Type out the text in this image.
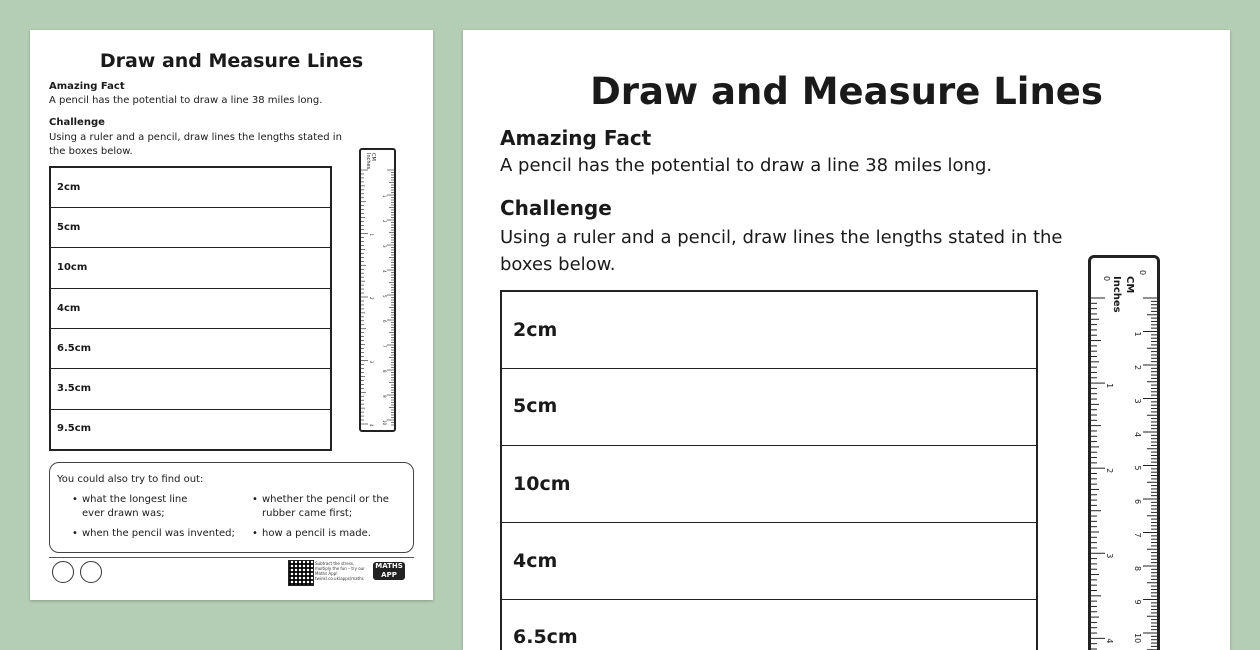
Draw and Measure Lines

Amazing Fact

A pencil has the potential to draw a line 38 miles long.

Challenge

Using a ruler and a pencil, draw lines the lengths stated in the boxes below.

2cm
5cm
10cm
4cm
6.5cm
3.5cm
9.5cm
1
2
3
4
1
2
3
4
5
6
7
8
9
10
CM
Inches

You could also try to find out:

• what the longest line ever drawn was;
• whether the pencil or the rubber came first;
• when the pencil was invented;
•	how a pencil is made.
Subtract the stress, multiply the fun – try our Maths App! twinkl.co.uk/apps/maths
MATHS APP

Draw and Measure Lines

Amazing Fact

A pencil has the potential to draw a line 38 miles long.

Challenge

Using a ruler and a pencil, draw lines the lengths stated in the boxes below.

2cm
5cm
10cm
4cm
6.5cm
1
2
3
4
1
2
3
4
5
6
7
8
9
10
CM
Inches
0
0
